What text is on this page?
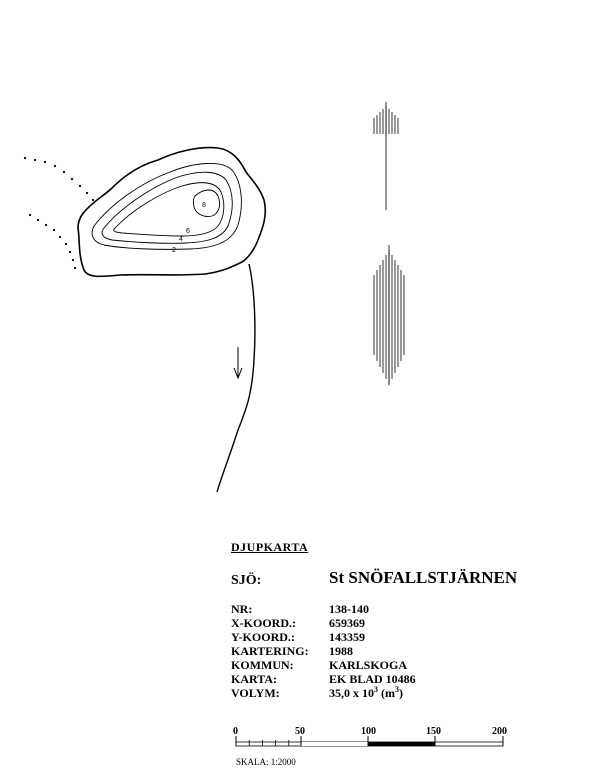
2
4
6
8
DJUPKARTA
SJÖ:	St SNÖFALLSTJÄRNEN
NR:	138-140
X-KOORD.:	659369
Y-KOORD.:	143359
KARTERING:	1988
KOMMUN:	KARLSKOGA
KARTA:	EK BLAD 10486
VOLYM:	35,0 x $10^3$ $(m^3)$
0	50	100	150	200
SKALA: 1:2000
